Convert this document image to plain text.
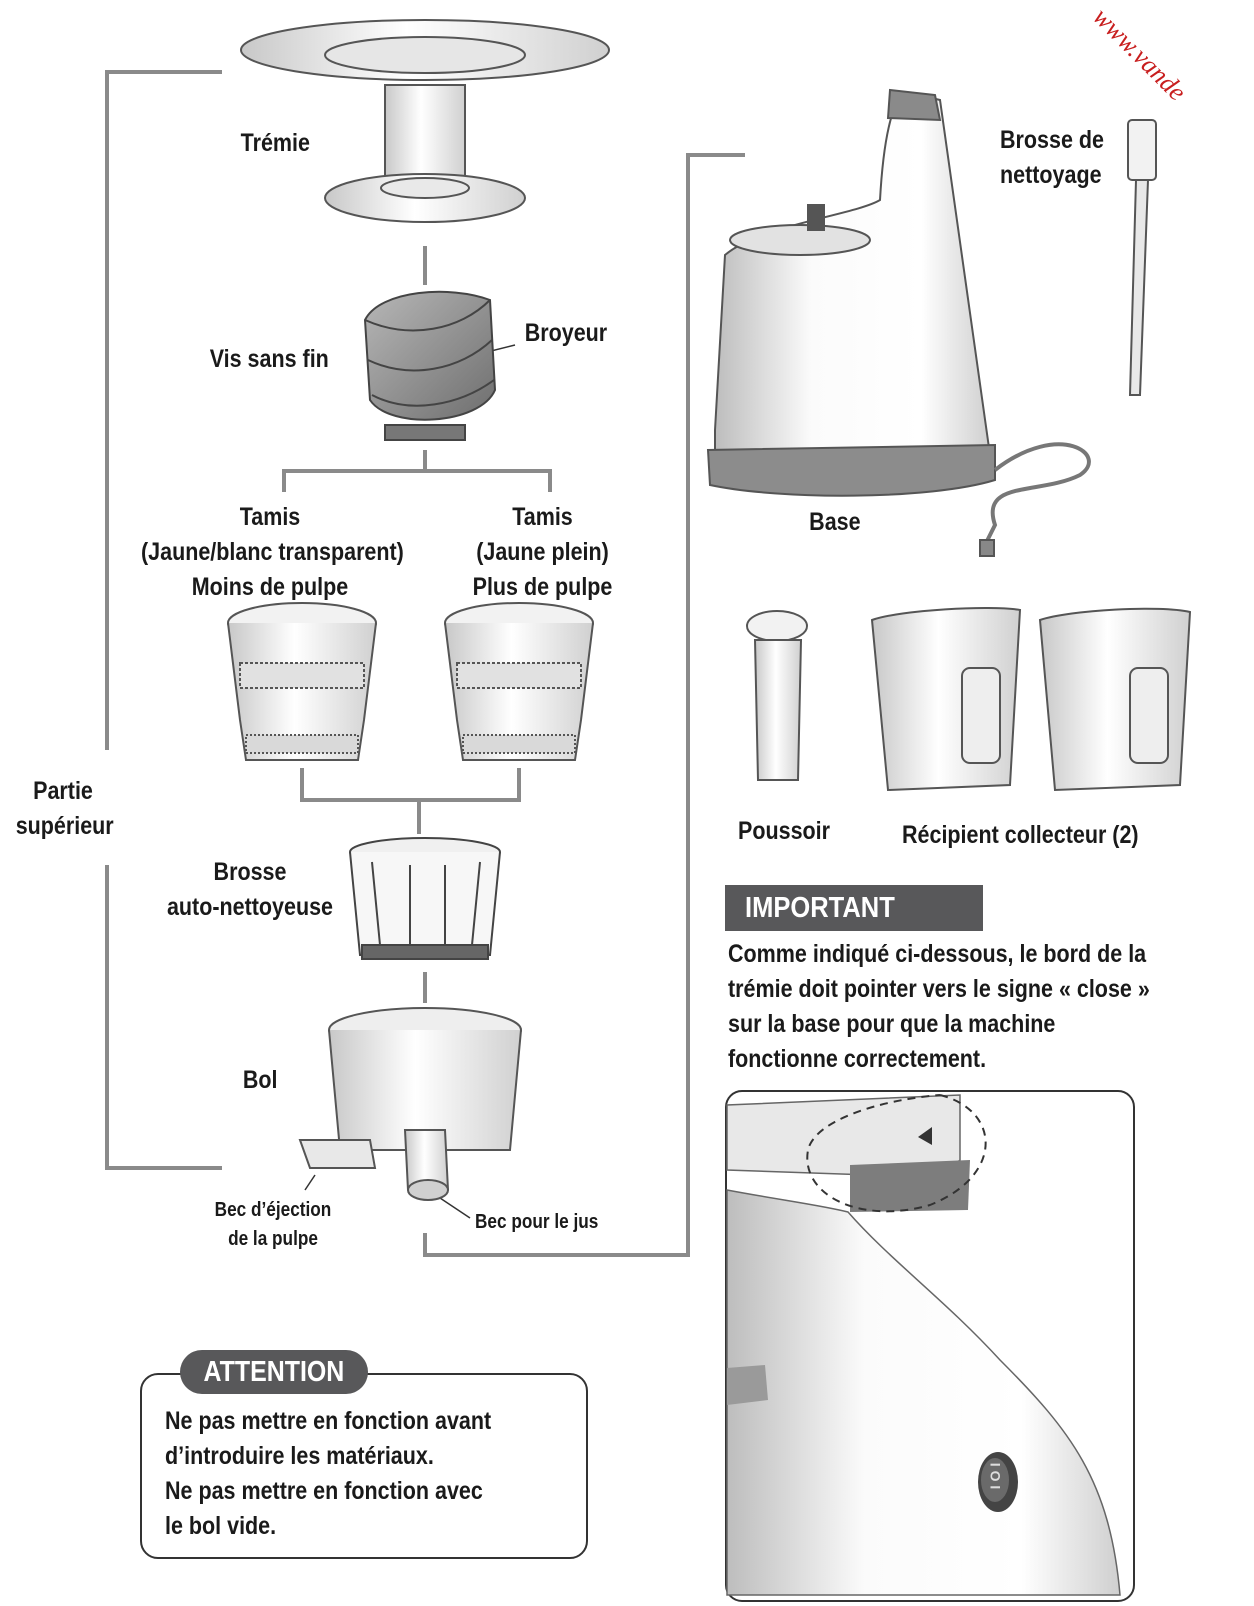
www.vande
Trémie
Vis sans fin
Broyeur
Tamis
(Jaune/blanc transparent)
Moins de pulpe
Tamis
(Jaune plein)
Plus de pulpe
Partie
supérieur
Brosse
auto-nettoyeuse
Bol
Bec d’éjection
de la pulpe
Bec pour le jus
Base
Brosse de
nettoyage
Poussoir	Récipient collecteur (2)
IMPORTANT
Comme indiqué ci-dessous, le bord de la
trémie doit pointer vers le signe « close »
sur la base pour que la machine
fonctionne correctement.
ATTENTION
Ne pas mettre en fonction avant
d’introduire les matériaux.
Ne pas mettre en fonction avec
le bol vide.
I O I
